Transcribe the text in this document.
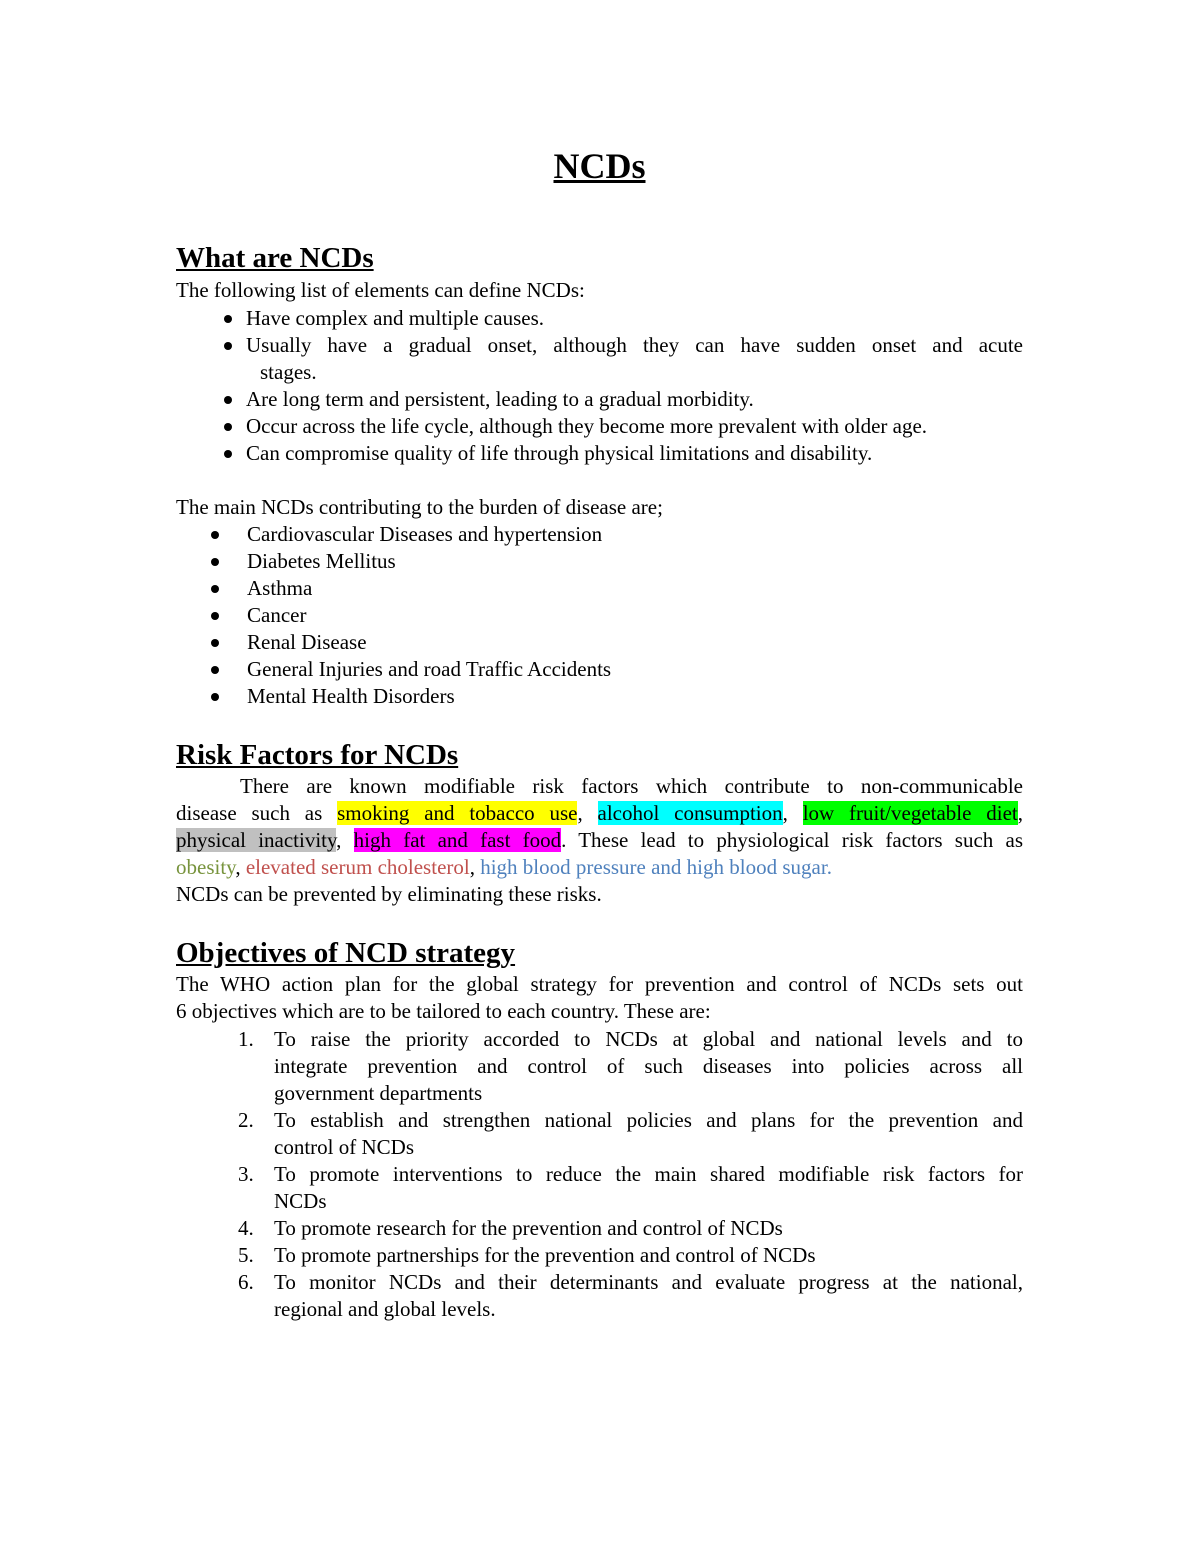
NCDs
What are NCDs

The following list of elements can define NCDs:

Have complex and multiple causes.
Usually have a gradual onset, although they can have sudden onset and acute

stages.

Are long term and persistent, leading to a gradual morbidity.
Occur across the life cycle, although they become more prevalent with older age.
Can compromise quality of life through physical limitations and disability.

The main NCDs contributing to the burden of disease are;

Cardiovascular Diseases and hypertension
Diabetes Mellitus
Asthma
Cancer
Renal Disease
General Injuries and road Traffic Accidents
Mental Health Disorders
Risk Factors for NCDs

There are known modifiable risk factors which contribute to non-communicable

disease such as smoking and tobacco use, alcohol consumption, low fruit/vegetable diet,

physical inactivity, high fat and fast food. These lead to physiological risk factors such as

obesity, elevated serum cholesterol, high blood pressure and high blood sugar.

NCDs can be prevented by eliminating these risks.

Objectives of NCD strategy

The WHO action plan for the global strategy for prevention and control of NCDs sets out

6 objectives which are to be tailored to each country. These are:

1. To raise the priority accorded to NCDs at global and national levels and to
integrate prevention and control of such diseases into policies across all
government departments
2. To establish and strengthen national policies and plans for the prevention and
control of NCDs
3. To promote interventions to reduce the main shared modifiable risk factors for
NCDs
4. To promote research for the prevention and control of NCDs
5. To promote partnerships for the prevention and control of NCDs
6. To monitor NCDs and their determinants and evaluate progress at the national,
regional and global levels.
